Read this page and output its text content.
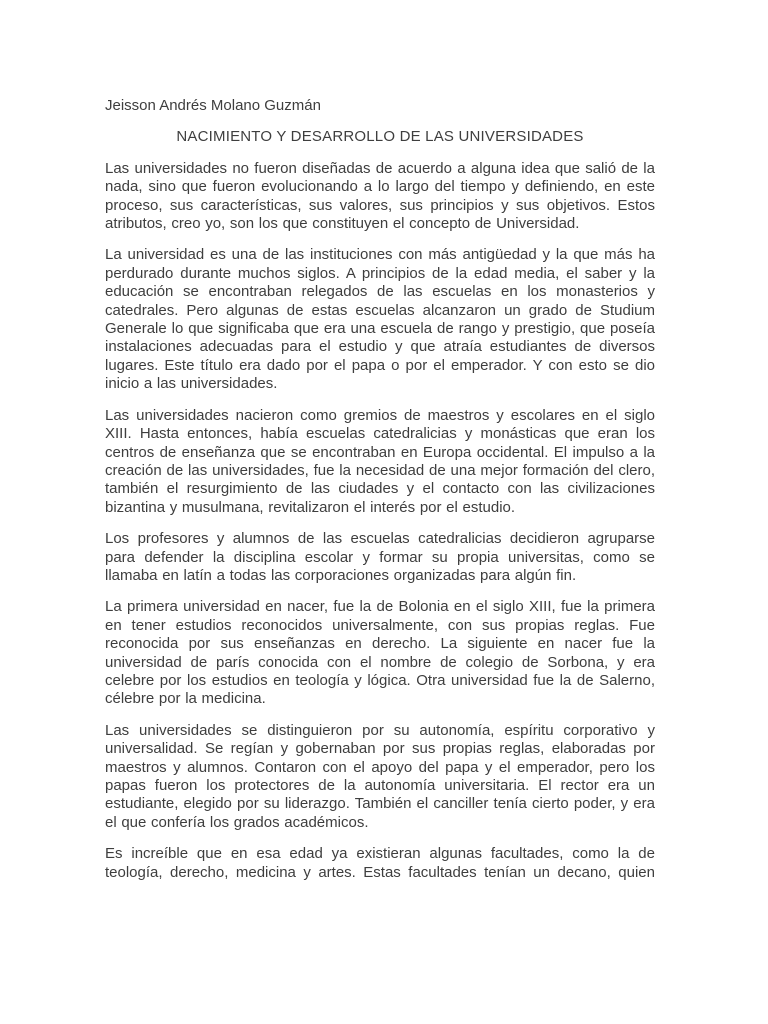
Jeisson Andrés Molano Guzmán

NACIMIENTO Y DESARROLLO DE LAS UNIVERSIDADES

Las universidades no fueron diseñadas de acuerdo a alguna idea que salió de la nada, sino que fueron evolucionando a lo largo del tiempo y definiendo, en este proceso, sus características, sus valores, sus principios y sus objetivos. Estos atributos, creo yo, son los que constituyen el concepto de Universidad.

La universidad es una de las instituciones con más antigüedad y la que más ha perdurado durante muchos siglos. A principios de la edad media, el saber y la educación se encontraban relegados de las escuelas en los monasterios y catedrales. Pero algunas de estas escuelas alcanzaron un grado de Studium Generale lo que significaba que era una escuela de rango y prestigio, que poseía instalaciones adecuadas para el estudio y que atraía estudiantes de diversos lugares. Este título era dado por el papa o por el emperador. Y con esto se dio inicio a las universidades.

Las universidades nacieron como gremios de maestros y escolares en el siglo XIII. Hasta entonces, había escuelas catedralicias y monásticas que eran los centros de enseñanza que se encontraban en Europa occidental. El impulso a la creación de las universidades, fue la necesidad de una mejor formación del clero, también el resurgimiento de las ciudades y el contacto con las civilizaciones bizantina y musulmana, revitalizaron el interés por el estudio.

Los profesores y alumnos de las escuelas catedralicias decidieron agruparse para defender la disciplina escolar y formar su propia universitas, como se llamaba en latín a todas las corporaciones organizadas para algún fin.

La primera universidad en nacer, fue la de Bolonia en el siglo XIII, fue la primera en tener estudios reconocidos universalmente, con sus propias reglas. Fue reconocida por sus enseñanzas en derecho. La siguiente en nacer fue la universidad de parís conocida con el nombre de colegio de Sorbona, y era celebre por los estudios en teología y lógica. Otra universidad fue la de Salerno, célebre por la medicina.

Las universidades se distinguieron por su autonomía, espíritu corporativo y universalidad. Se regían y gobernaban por sus propias reglas, elaboradas por maestros y alumnos. Contaron con el apoyo del papa y el emperador, pero los papas fueron los protectores de la autonomía universitaria. El rector era un estudiante, elegido por su liderazgo. También el canciller tenía cierto poder, y era el que confería los grados académicos.

Es increíble que en esa edad ya existieran algunas facultades, como la de teología, derecho, medicina y artes. Estas facultades tenían un decano, quien
